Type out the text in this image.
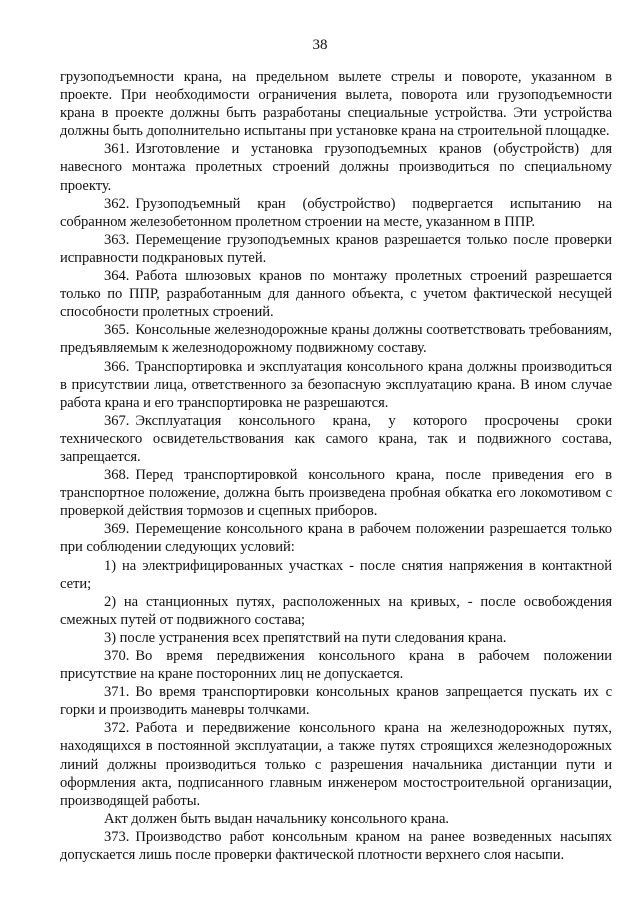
38

грузоподъемности крана, на предельном вылете стрелы и повороте, указанном в проекте. При необходимости ограничения вылета, поворота или грузоподъемности крана в проекте должны быть разработаны специальные устройства. Эти устройства должны быть дополнительно испытаны при установке крана на строительной площадке.

361. Изготовление и установка грузоподъемных кранов (обустройств) для навесного монтажа пролетных строений должны производиться по специальному проекту.

362. Грузоподъемный кран (обустройство) подвергается испытанию на собранном железобетонном пролетном строении на месте, указанном в ППР.

363. Перемещение грузоподъемных кранов разрешается только после проверки исправности подкрановых путей.

364. Работа шлюзовых кранов по монтажу пролетных строений разрешается только по ППР, разработанным для данного объекта, с учетом фактической несущей способности пролетных строений.

365. Консольные железнодорожные краны должны соответствовать требованиям, предъявляемым к железнодорожному подвижному составу.

366. Транспортировка и эксплуатация консольного крана должны производиться в присутствии лица, ответственного за безопасную эксплуатацию крана. В ином случае работа крана и его транспортировка не разрешаются.

367. Эксплуатация консольного крана, у которого просрочены сроки технического освидетельствования как самого крана, так и подвижного состава, запрещается.

368. Перед транспортировкой консольного крана, после приведения его в транспортное положение, должна быть произведена пробная обкатка его локомотивом с проверкой действия тормозов и сцепных приборов.

369. Перемещение консольного крана в рабочем положении разрешается только при соблюдении следующих условий:

1) на электрифицированных участках - после снятия напряжения в контактной сети;

2) на станционных путях, расположенных на кривых, - после освобождения смежных путей от подвижного состава;

3) после устранения всех препятствий на пути следования крана.

370. Во время передвижения консольного крана в рабочем положении присутствие на кране посторонних лиц не допускается.

371. Во время транспортировки консольных кранов запрещается пускать их с горки и производить маневры толчками.

372. Работа и передвижение консольного крана на железнодорожных путях, находящихся в постоянной эксплуатации, а также путях строящихся железнодорожных линий должны производиться только с разрешения начальника дистанции пути и оформления акта, подписанного главным инженером мостостроительной организации, производящей работы.

Акт должен быть выдан начальнику консольного крана.

373. Производство работ консольным краном на ранее возведенных насыпях допускается лишь после проверки фактической плотности верхнего слоя насыпи.
